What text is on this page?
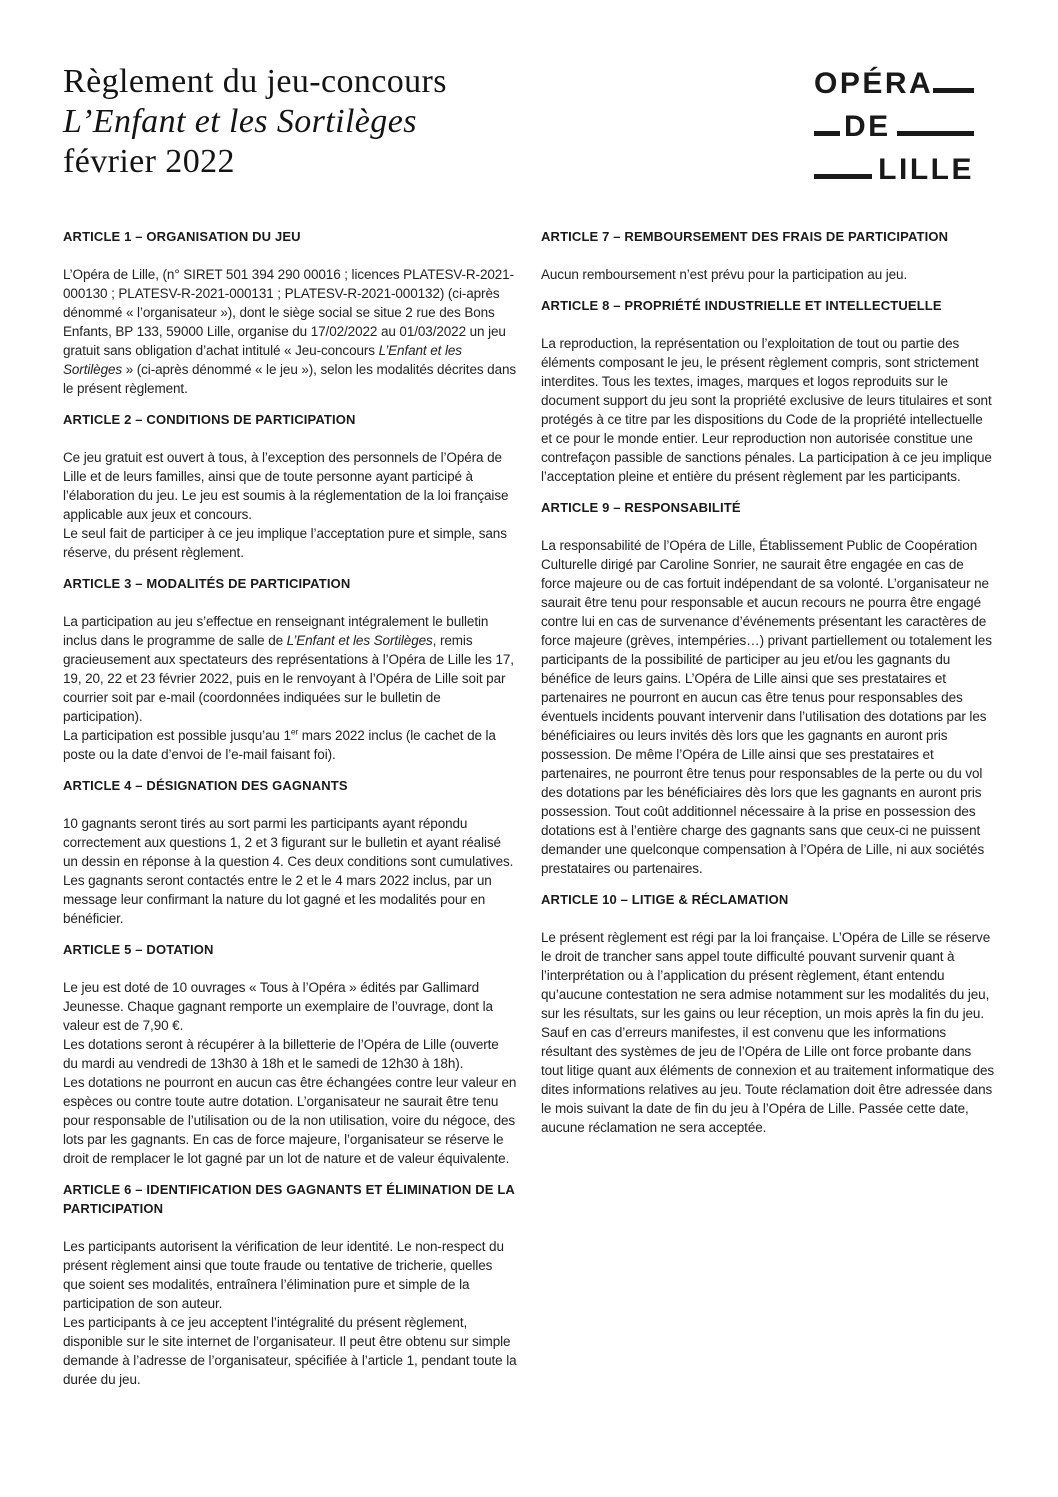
Règlement du jeu-concours
L’Enfant et les Sortilèges
février 2022
OPÉRA
DE
LILLE
ARTICLE 1 – ORGANISATION DU JEU

L’Opéra de Lille, (n° SIRET 501 394 290 00016 ; licences PLATESV-R-2021-000130 ; PLATESV-R-2021-000131 ; PLATESV-R-2021-000132) (ci-après dénommé « l’organisateur »), dont le siège social se situe 2 rue des Bons Enfants, BP 133, 59000 Lille, organise du 17/02/2022 au 01/03/2022 un jeu gratuit sans obligation d’achat intitulé « Jeu-concours L’Enfant et les Sortilèges » (ci-après dénommé « le jeu »), selon les modalités décrites dans le présent règlement.

ARTICLE 2 – CONDITIONS DE PARTICIPATION

Ce jeu gratuit est ouvert à tous, à l’exception des personnels de l’Opéra de Lille et de leurs familles, ainsi que de toute personne ayant participé à l’élaboration du jeu. Le jeu est soumis à la réglementation de la loi française applicable aux jeux et concours.

Le seul fait de participer à ce jeu implique l’acceptation pure et simple, sans réserve, du présent règlement.

ARTICLE 3 – MODALITÉS DE PARTICIPATION

La participation au jeu s’effectue en renseignant intégralement le bulletin inclus dans le programme de salle de L’Enfant et les Sortilèges, remis gracieusement aux spectateurs des représentations à l’Opéra de Lille les 17, 19, 20, 22 et 23 février 2022, puis en le renvoyant à l’Opéra de Lille soit par courrier soit par e-mail (coordonnées indiquées sur le bulletin de participation).

La participation est possible jusqu’au 1er mars 2022 inclus (le cachet de la poste ou la date d’envoi de l’e-mail faisant foi).

ARTICLE 4 – DÉSIGNATION DES GAGNANTS

10 gagnants seront tirés au sort parmi les participants ayant répondu correctement aux questions 1, 2 et 3 figurant sur le bulletin et ayant réalisé un dessin en réponse à la question 4. Ces deux conditions sont cumulatives.

Les gagnants seront contactés entre le 2 et le 4 mars 2022 inclus, par un message leur confirmant la nature du lot gagné et les modalités pour en bénéficier.

ARTICLE 5 – DOTATION

Le jeu est doté de 10 ouvrages « Tous à l’Opéra » édités par Gallimard Jeunesse. Chaque gagnant remporte un exemplaire de l’ouvrage, dont la valeur est de 7,90 €.

Les dotations seront à récupérer à la billetterie de l’Opéra de Lille (ouverte du mardi au vendredi de 13h30 à 18h et le samedi de 12h30 à 18h).

Les dotations ne pourront en aucun cas être échangées contre leur valeur en espèces ou contre toute autre dotation. L’organisateur ne saurait être tenu pour responsable de l’utilisation ou de la non utilisation, voire du négoce, des lots par les gagnants. En cas de force majeure, l’organisateur se réserve le droit de remplacer le lot gagné par un lot de nature et de valeur équivalente.

ARTICLE 6 – IDENTIFICATION DES GAGNANTS ET ÉLIMINATION DE LA PARTICIPATION

Les participants autorisent la vérification de leur identité. Le non-respect du présent règlement ainsi que toute fraude ou tentative de tricherie, quelles que soient ses modalités, entraînera l’élimination pure et simple de la participation de son auteur.

Les participants à ce jeu acceptent l’intégralité du présent règlement, disponible sur le site internet de l’organisateur. Il peut être obtenu sur simple demande à l’adresse de l’organisateur, spécifiée à l’article 1, pendant toute la durée du jeu.

ARTICLE 7 – REMBOURSEMENT DES FRAIS DE PARTICIPATION

Aucun remboursement n’est prévu pour la participation au jeu.

ARTICLE 8 – PROPRIÉTÉ INDUSTRIELLE ET INTELLECTUELLE

La reproduction, la représentation ou l’exploitation de tout ou partie des éléments composant le jeu, le présent règlement compris, sont strictement interdites. Tous les textes, images, marques et logos reproduits sur le document support du jeu sont la propriété exclusive de leurs titulaires et sont protégés à ce titre par les dispositions du Code de la propriété intellectuelle et ce pour le monde entier. Leur reproduction non autorisée constitue une contrefaçon passible de sanctions pénales. La participation à ce jeu implique l’acceptation pleine et entière du présent règlement par les participants.

ARTICLE 9 – RESPONSABILITÉ

La responsabilité de l’Opéra de Lille, Établissement Public de Coopération Culturelle dirigé par Caroline Sonrier, ne saurait être engagée en cas de force majeure ou de cas fortuit indépendant de sa volonté. L’organisateur ne saurait être tenu pour responsable et aucun recours ne pourra être engagé contre lui en cas de survenance d’événements présentant les caractères de force majeure (grèves, intempéries…) privant partiellement ou totalement les participants de la possibilité de participer au jeu et/ou les gagnants du bénéfice de leurs gains. L’Opéra de Lille ainsi que ses prestataires et partenaires ne pourront en aucun cas être tenus pour responsables des éventuels incidents pouvant intervenir dans l’utilisation des dotations par les bénéficiaires ou leurs invités dès lors que les gagnants en auront pris possession. De même l’Opéra de Lille ainsi que ses prestataires et partenaires, ne pourront être tenus pour responsables de la perte ou du vol des dotations par les bénéficiaires dès lors que les gagnants en auront pris possession. Tout coût additionnel nécessaire à la prise en possession des dotations est à l’entière charge des gagnants sans que ceux-ci ne puissent demander une quelconque compensation à l’Opéra de Lille, ni aux sociétés prestataires ou partenaires.

ARTICLE 10 – LITIGE & RÉCLAMATION

Le présent règlement est régi par la loi française. L’Opéra de Lille se réserve le droit de trancher sans appel toute difficulté pouvant survenir quant à l’interprétation ou à l’application du présent règlement, étant entendu qu’aucune contestation ne sera admise notamment sur les modalités du jeu, sur les résultats, sur les gains ou leur réception, un mois après la fin du jeu. Sauf en cas d’erreurs manifestes, il est convenu que les informations résultant des systèmes de jeu de l’Opéra de Lille ont force probante dans tout litige quant aux éléments de connexion et au traitement informatique des dites informations relatives au jeu. Toute réclamation doit être adressée dans le mois suivant la date de fin du jeu à l’Opéra de Lille. Passée cette date, aucune réclamation ne sera acceptée.
